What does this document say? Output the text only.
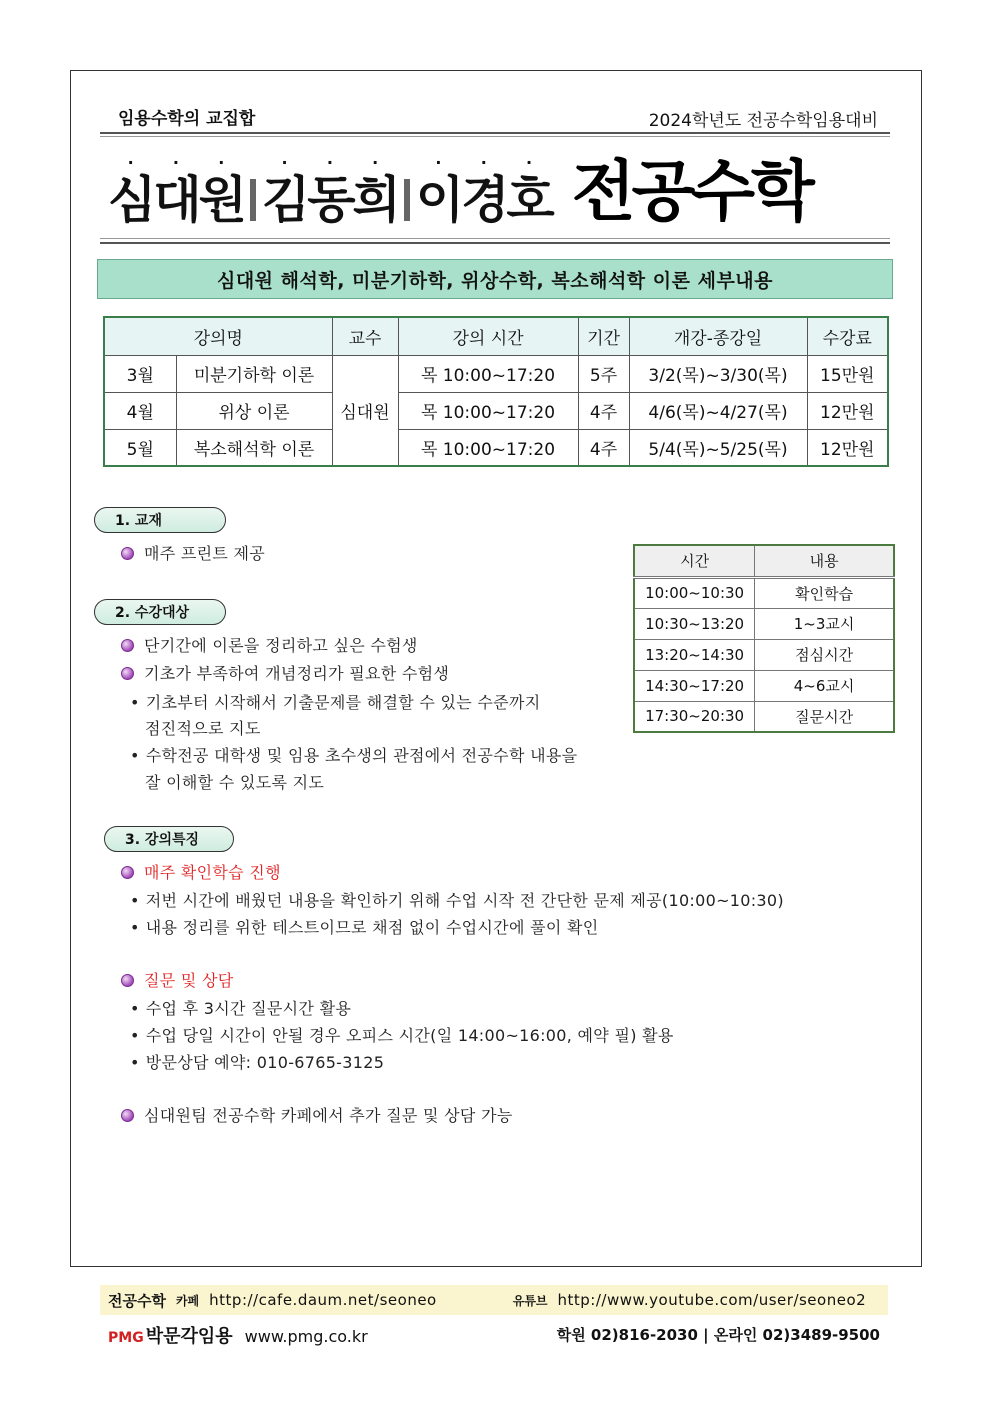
임용수학의 교집합	2024학년도 전공수학임용대비
· · ·
심대원
· · ·
김동희
· · ·
이경호 전공수학
심대원 해석학, 미분기하학, 위상수학, 복소해석학 이론 세부내용
강의명		교수	강의 시간	기간	개강-종강일	수강료
3월	미분기하학 이론	심대원	목 10:00~17:20	5주	3/2(목)~3/30(목)	15만원
4월	위상 이론		목 10:00~17:20	4주	4/6(목)~4/27(목)	12만원
5월	복소해석학 이론		목 10:00~17:20	4주	5/4(목)~5/25(목)	12만원
1. 교재
매주 프린트 제공	시간	내용
10:00~10:30	확인학습
10:30~13:20	1~3교시
13:20~14:30	점심시간
14:30~17:20	4~6교시
17:30~20:30	질문시간
2. 수강대상
단기간에 이론을 정리하고 싶은 수험생
기초가 부족하여 개념정리가 필요한 수험생
• 기초부터 시작해서 기출문제를 해결할 수 있는 수준까지
점진적으로 지도
• 수학전공 대학생 및 임용 초수생의 관점에서 전공수학 내용을
잘 이해할 수 있도록 지도
3. 강의특징
매주 확인학습 진행
• 저번 시간에 배웠던 내용을 확인하기 위해 수업 시작 전 간단한 문제 제공(10:00~10:30)
• 내용 정리를 위한 테스트이므로 채점 없이 수업시간에 풀이 확인
질문 및 상담
• 수업 후 3시간 질문시간 활용
• 수업 당일 시간이 안될 경우 오피스 시간(일 14:00~16:00, 예약 필) 활용
• 방문상담 예약: 010-6765-3125
심대원팀 전공수학 카페에서 추가 질문 및 상담 가능
전공수학 카페 http://cafe.daum.net/seoneo	유튜브 http://www.youtube.com/user/seoneo2
PMG 박문각임용 www.pmg.co.kr	학원 02)816-2030 | 온라인 02)3489-9500
